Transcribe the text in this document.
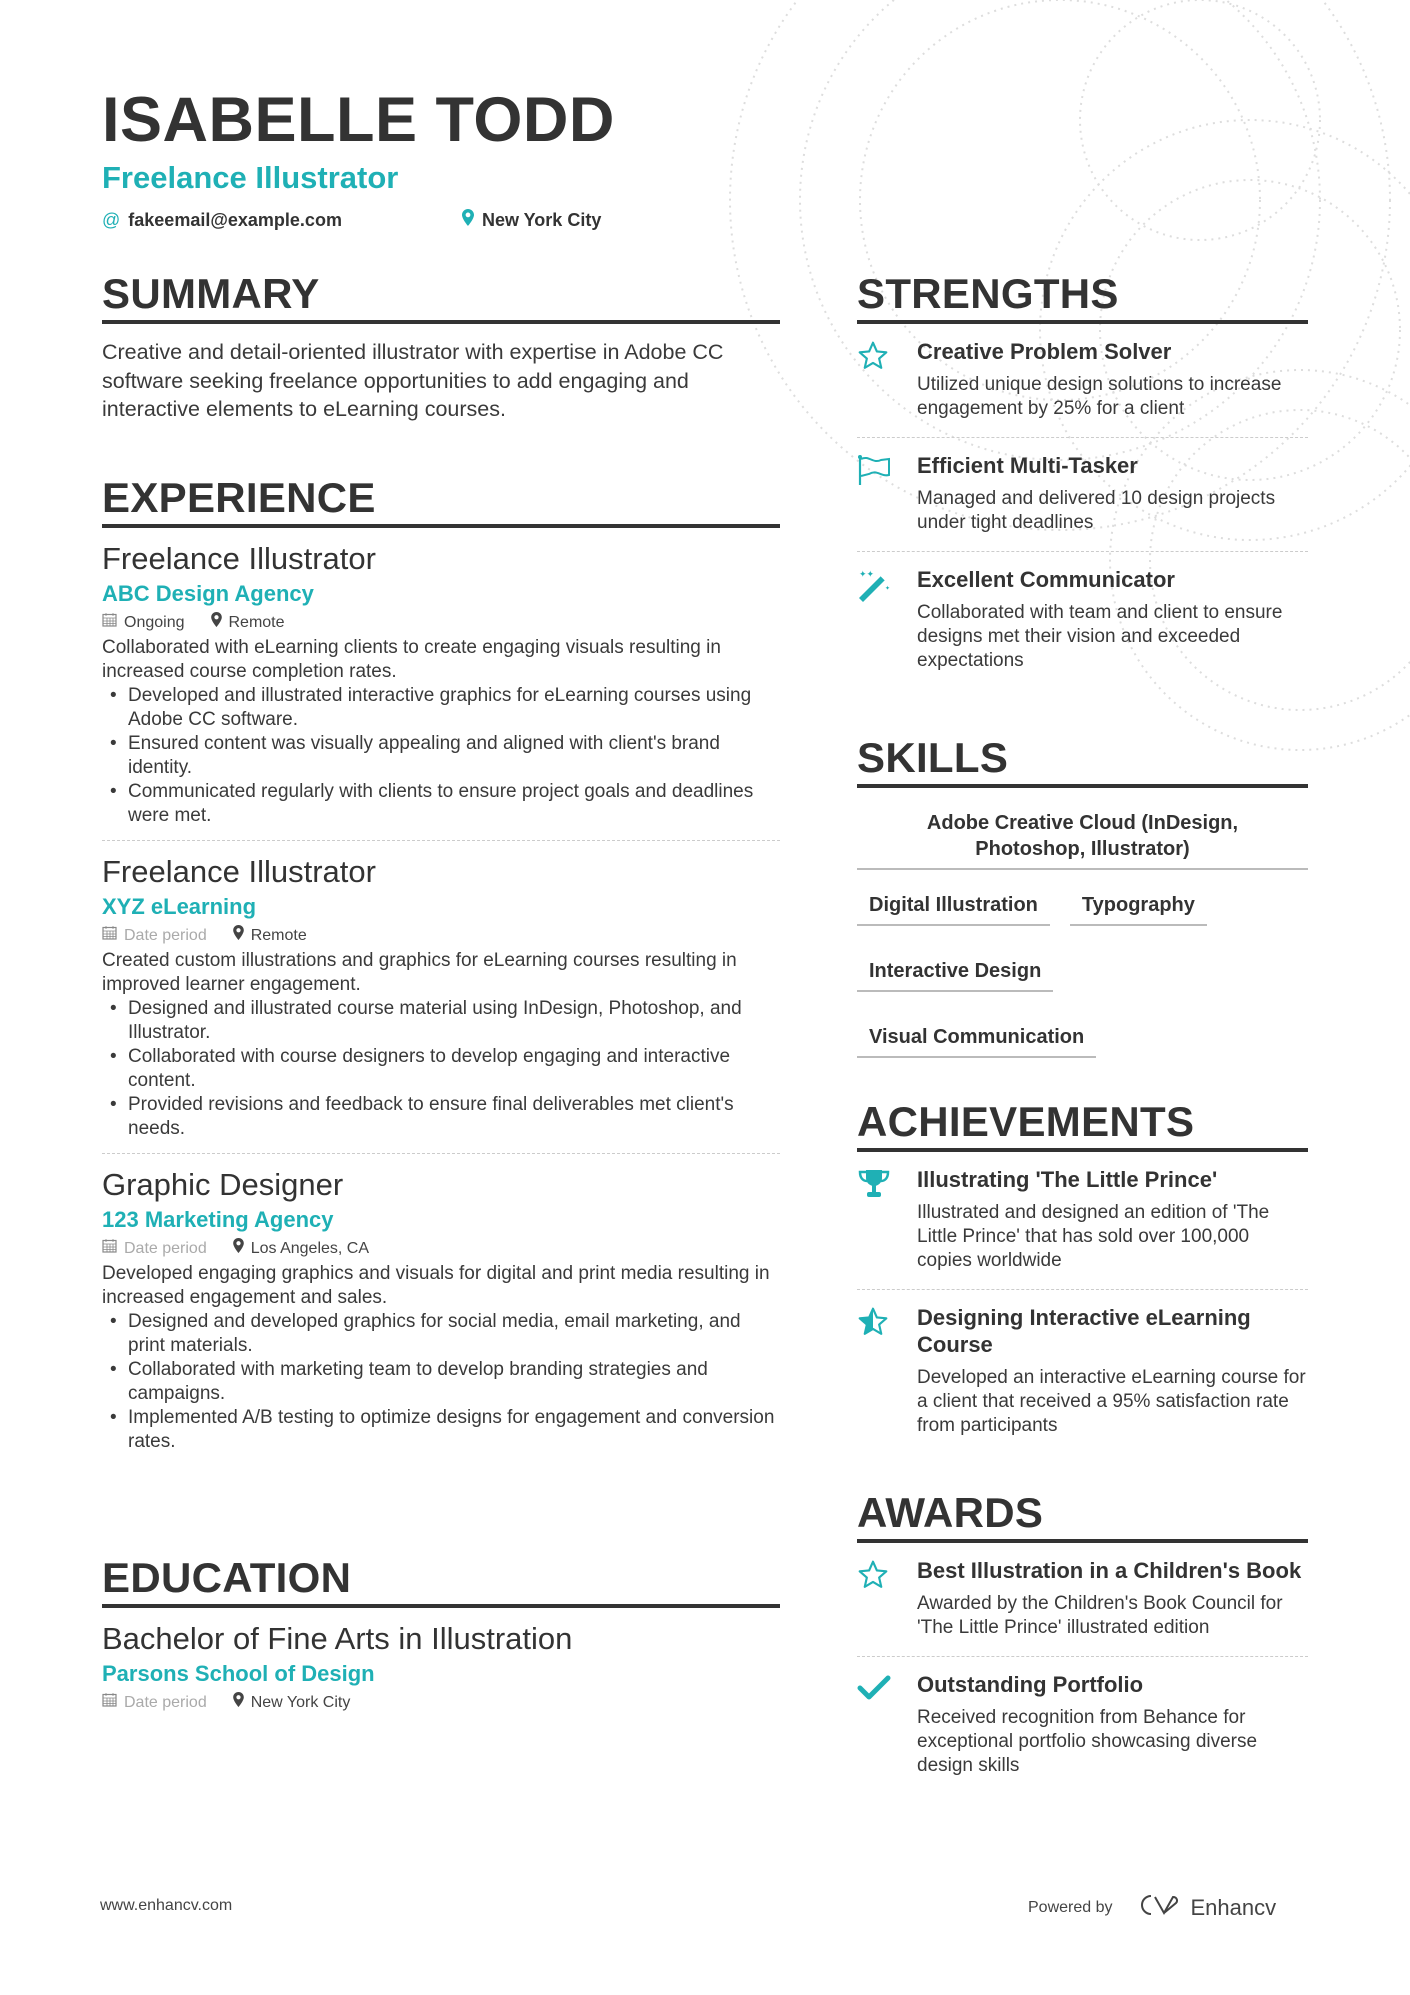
ISABELLE TODD
Freelance Illustrator
@ fakeemail@example.com	New York City
SUMMARY
Creative and detail-oriented illustrator with expertise in Adobe CC software seeking freelance opportunities to add engaging and interactive elements to eLearning courses.
EXPERIENCE
Freelance Illustrator
ABC Design Agency
Ongoing	Remote
Collaborated with eLearning clients to create engaging visuals resulting in increased course completion rates.
• Developed and illustrated interactive graphics for eLearning courses using Adobe CC software.
• Ensured content was visually appealing and aligned with client's brand identity.
• Communicated regularly with clients to ensure project goals and deadlines were met.
Freelance Illustrator
XYZ eLearning
Date period	Remote
Created custom illustrations and graphics for eLearning courses resulting in improved learner engagement.
• Designed and illustrated course material using InDesign, Photoshop, and Illustrator.
• Collaborated with course designers to develop engaging and interactive content.
• Provided revisions and feedback to ensure final deliverables met client's needs.
Graphic Designer
123 Marketing Agency
Date period	Los Angeles, CA
Developed engaging graphics and visuals for digital and print media resulting in increased engagement and sales.
• Designed and developed graphics for social media, email marketing, and print materials.
• Collaborated with marketing team to develop branding strategies and campaigns.
• Implemented A/B testing to optimize designs for engagement and conversion rates.
EDUCATION
Bachelor of Fine Arts in Illustration
Parsons School of Design
Date period	New York City
STRENGTHS
Creative Problem Solver
Utilized unique design solutions to increase engagement by 25% for a client
Efficient Multi-Tasker
Managed and delivered 10 design projects under tight deadlines
✦✦
✦ Excellent Communicator
Collaborated with team and client to ensure designs met their vision and exceeded expectations
SKILLS
Adobe Creative Cloud (InDesign, Photoshop, Illustrator)
Digital Illustration Typography
Interactive Design
Visual Communication
ACHIEVEMENTS
Illustrating 'The Little Prince'
Illustrated and designed an edition of 'The Little Prince' that has sold over 100,000 copies worldwide
Designing Interactive eLearning Course
Developed an interactive eLearning course for a client that received a 95% satisfaction rate from participants
AWARDS
Best Illustration in a Children's Book
Awarded by the Children's Book Council for 'The Little Prince' illustrated edition
Outstanding Portfolio
Received recognition from Behance for exceptional portfolio showcasing diverse design skills
www.enhancv.com	Powered by	Enhancv
